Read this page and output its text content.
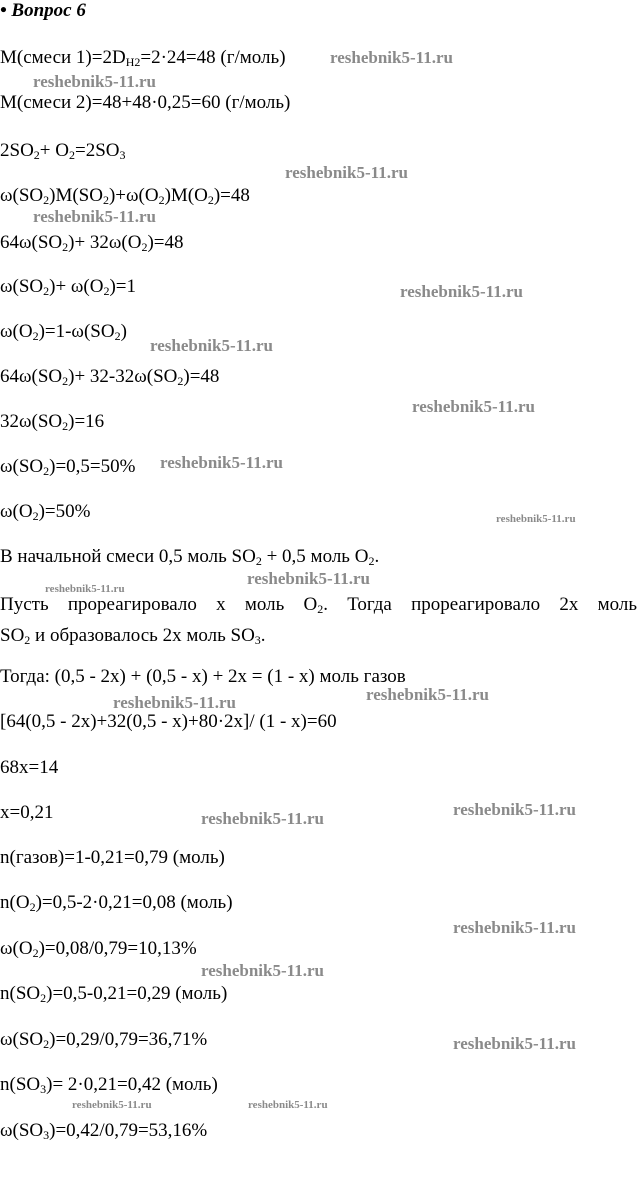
• Вопрос 6
M(смеси $1)=2D_{H2}=2\cdot 24=48$ (г/моль)
M(смеси 2)=48+48·0,25=60 (г/моль)
$2SO_2+ O_2=2SO_3$
$\omega(SO_2)M(SO_2)+\omega(O_2)M(O_2)=48$
$64\omega(SO_2)+ 32\omega(O_2)=48$
$\omega(SO_2)+ \omega(O_2)=1$
$\omega(O_2)=1-\omega(SO_2)$
$64\omega(SO_2)+ 32-32\omega(SO_2)=48$
$32\omega(SO_2)=16$
$\omega(SO_2)=0,5=50\%$
$\omega(O_2)=50\%$
В начальной смеси 0,5 моль $SO_2 + 0,5$ моль $O_2$.
Пусть прореагировало x моль $O_2$. Тогда прореагировало 2x моль
$SO_2$ и образовалось 2x моль $SO_3$.
Тогда: (0,5 - 2x) + (0,5 - x) + 2x = (1 - x) моль газов
[64(0,5 - 2x)+32(0,5 - x)+80·2x]/ (1 - x)=60
68x=14
x=0,21
n(газов)=1-0,21=0,79 (моль)
$n(O_2)=0,5-2\cdot 0,21=0,08$ (моль)
$\omega(O_2)=0,08/0,79=10,13\%$
$n(SO_2)=0,5-0,21=0,29$ (моль)
$\omega(SO_2)=0,29/0,79=36,71\%$
$n(SO_3)= 2\cdot 0,21=0,42$ (моль)
$\omega(SO_3)=0,42/0,79=53,16\%$
reshebnik5-11.ru
reshebnik5-11.ru
reshebnik5-11.ru
reshebnik5-11.ru
reshebnik5-11.ru
reshebnik5-11.ru
reshebnik5-11.ru
reshebnik5-11.ru
reshebnik5-11.ru
reshebnik5-11.ru
reshebnik5-11.ru
reshebnik5-11.ru	reshebnik5-11.ru
reshebnik5-11.ru
reshebnik5-11.ru
reshebnik5-11.ru
reshebnik5-11.ru
reshebnik5-11.ru
reshebnik5-11.ru	reshebnik5-11.ru
